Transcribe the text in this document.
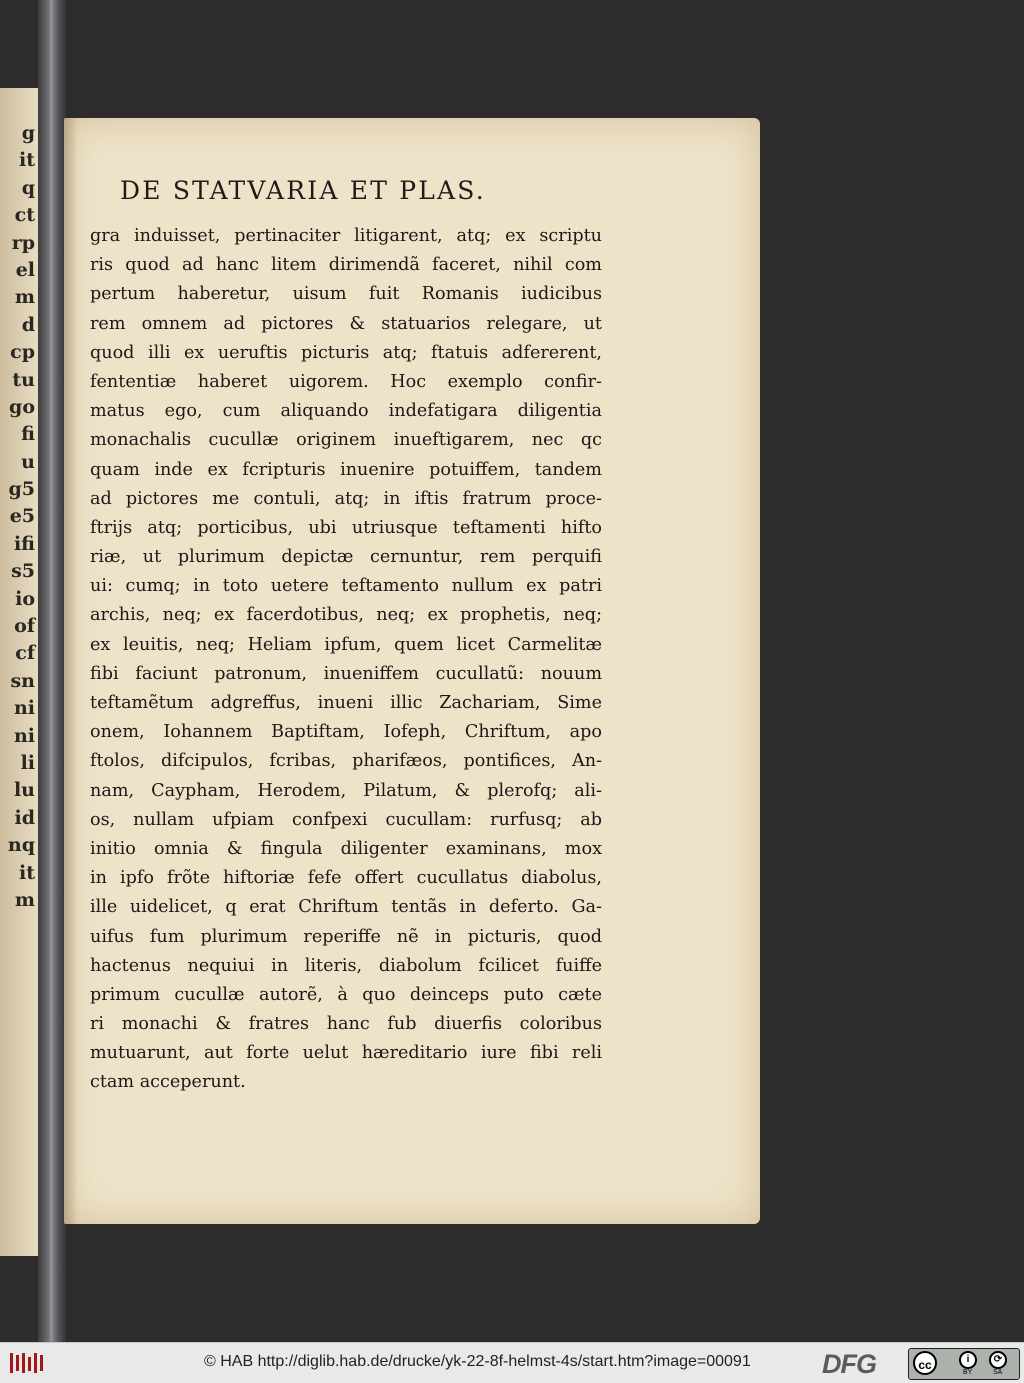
g
it
q
ct
rp
el
m
d
cp
tu
go
fi
u
g5
e5
ifi
s5
io
of
cf
sn
ni
ni
li
lu
id
nq
it
m
DE STATVARIA ET PLAS.
gra induisset, pertinaciter litigarent, atq; ex scriptu
ris quod ad hanc litem dirimendã faceret, nihil com
pertum haberetur, uisum fuit Romanis iudicibus
rem omnem ad pictores & statuarios relegare, ut
quod illi ex ueruftis picturis atq; ftatuis adfererent,
fententiæ haberet uigorem. Hoc exemplo confir-
matus ego, cum aliquando indefatigara diligentia
monachalis cucullæ originem inueftigarem, nec qc
quam inde ex fcripturis inuenire potuiffem, tandem
ad pictores me contuli, atq; in iftis fratrum proce-
ftrijs atq; porticibus, ubi utriusque teftamenti hifto
riæ, ut plurimum depictæ cernuntur, rem perquifi
ui: cumq; in toto uetere teftamento nullum ex patri
archis, neq; ex facerdotibus, neq; ex prophetis, neq;
ex leuitis, neq; Heliam ipfum, quem licet Carmelitæ
fibi faciunt patronum, inueniffem cucullatũ: nouum
teftamẽtum adgreffus, inueni illic Zachariam, Sime
onem, Iohannem Baptiftam, Iofeph, Chriftum, apo
ftolos, difcipulos, fcribas, pharifæos, pontifices, An-
nam, Caypham, Herodem, Pilatum, & plerofq; ali-
os, nullam ufpiam confpexi cucullam: rurfusq; ab
initio omnia & fingula diligenter examinans, mox
in ipfo frõte hiftoriæ fefe offert cucullatus diabolus,
ille uidelicet, q erat Chriftum tentãs in deferto. Ga-
uifus fum plurimum reperiffe nẽ in picturis, quod
hactenus nequiui in literis, diabolum fcilicet fuiffe
primum cucullæ autorẽ, à quo deinceps puto cæte
ri monachi & fratres hanc fub diuerfis coloribus
mutuarunt, aut forte uelut hæreditario iure fibi reli
ctam acceperunt.
© HAB http://diglib.hab.de/drucke/yk-22-8f-helmst-4s/start.htm?image=00091	DFG	cc	i	⟳
BY	SA
